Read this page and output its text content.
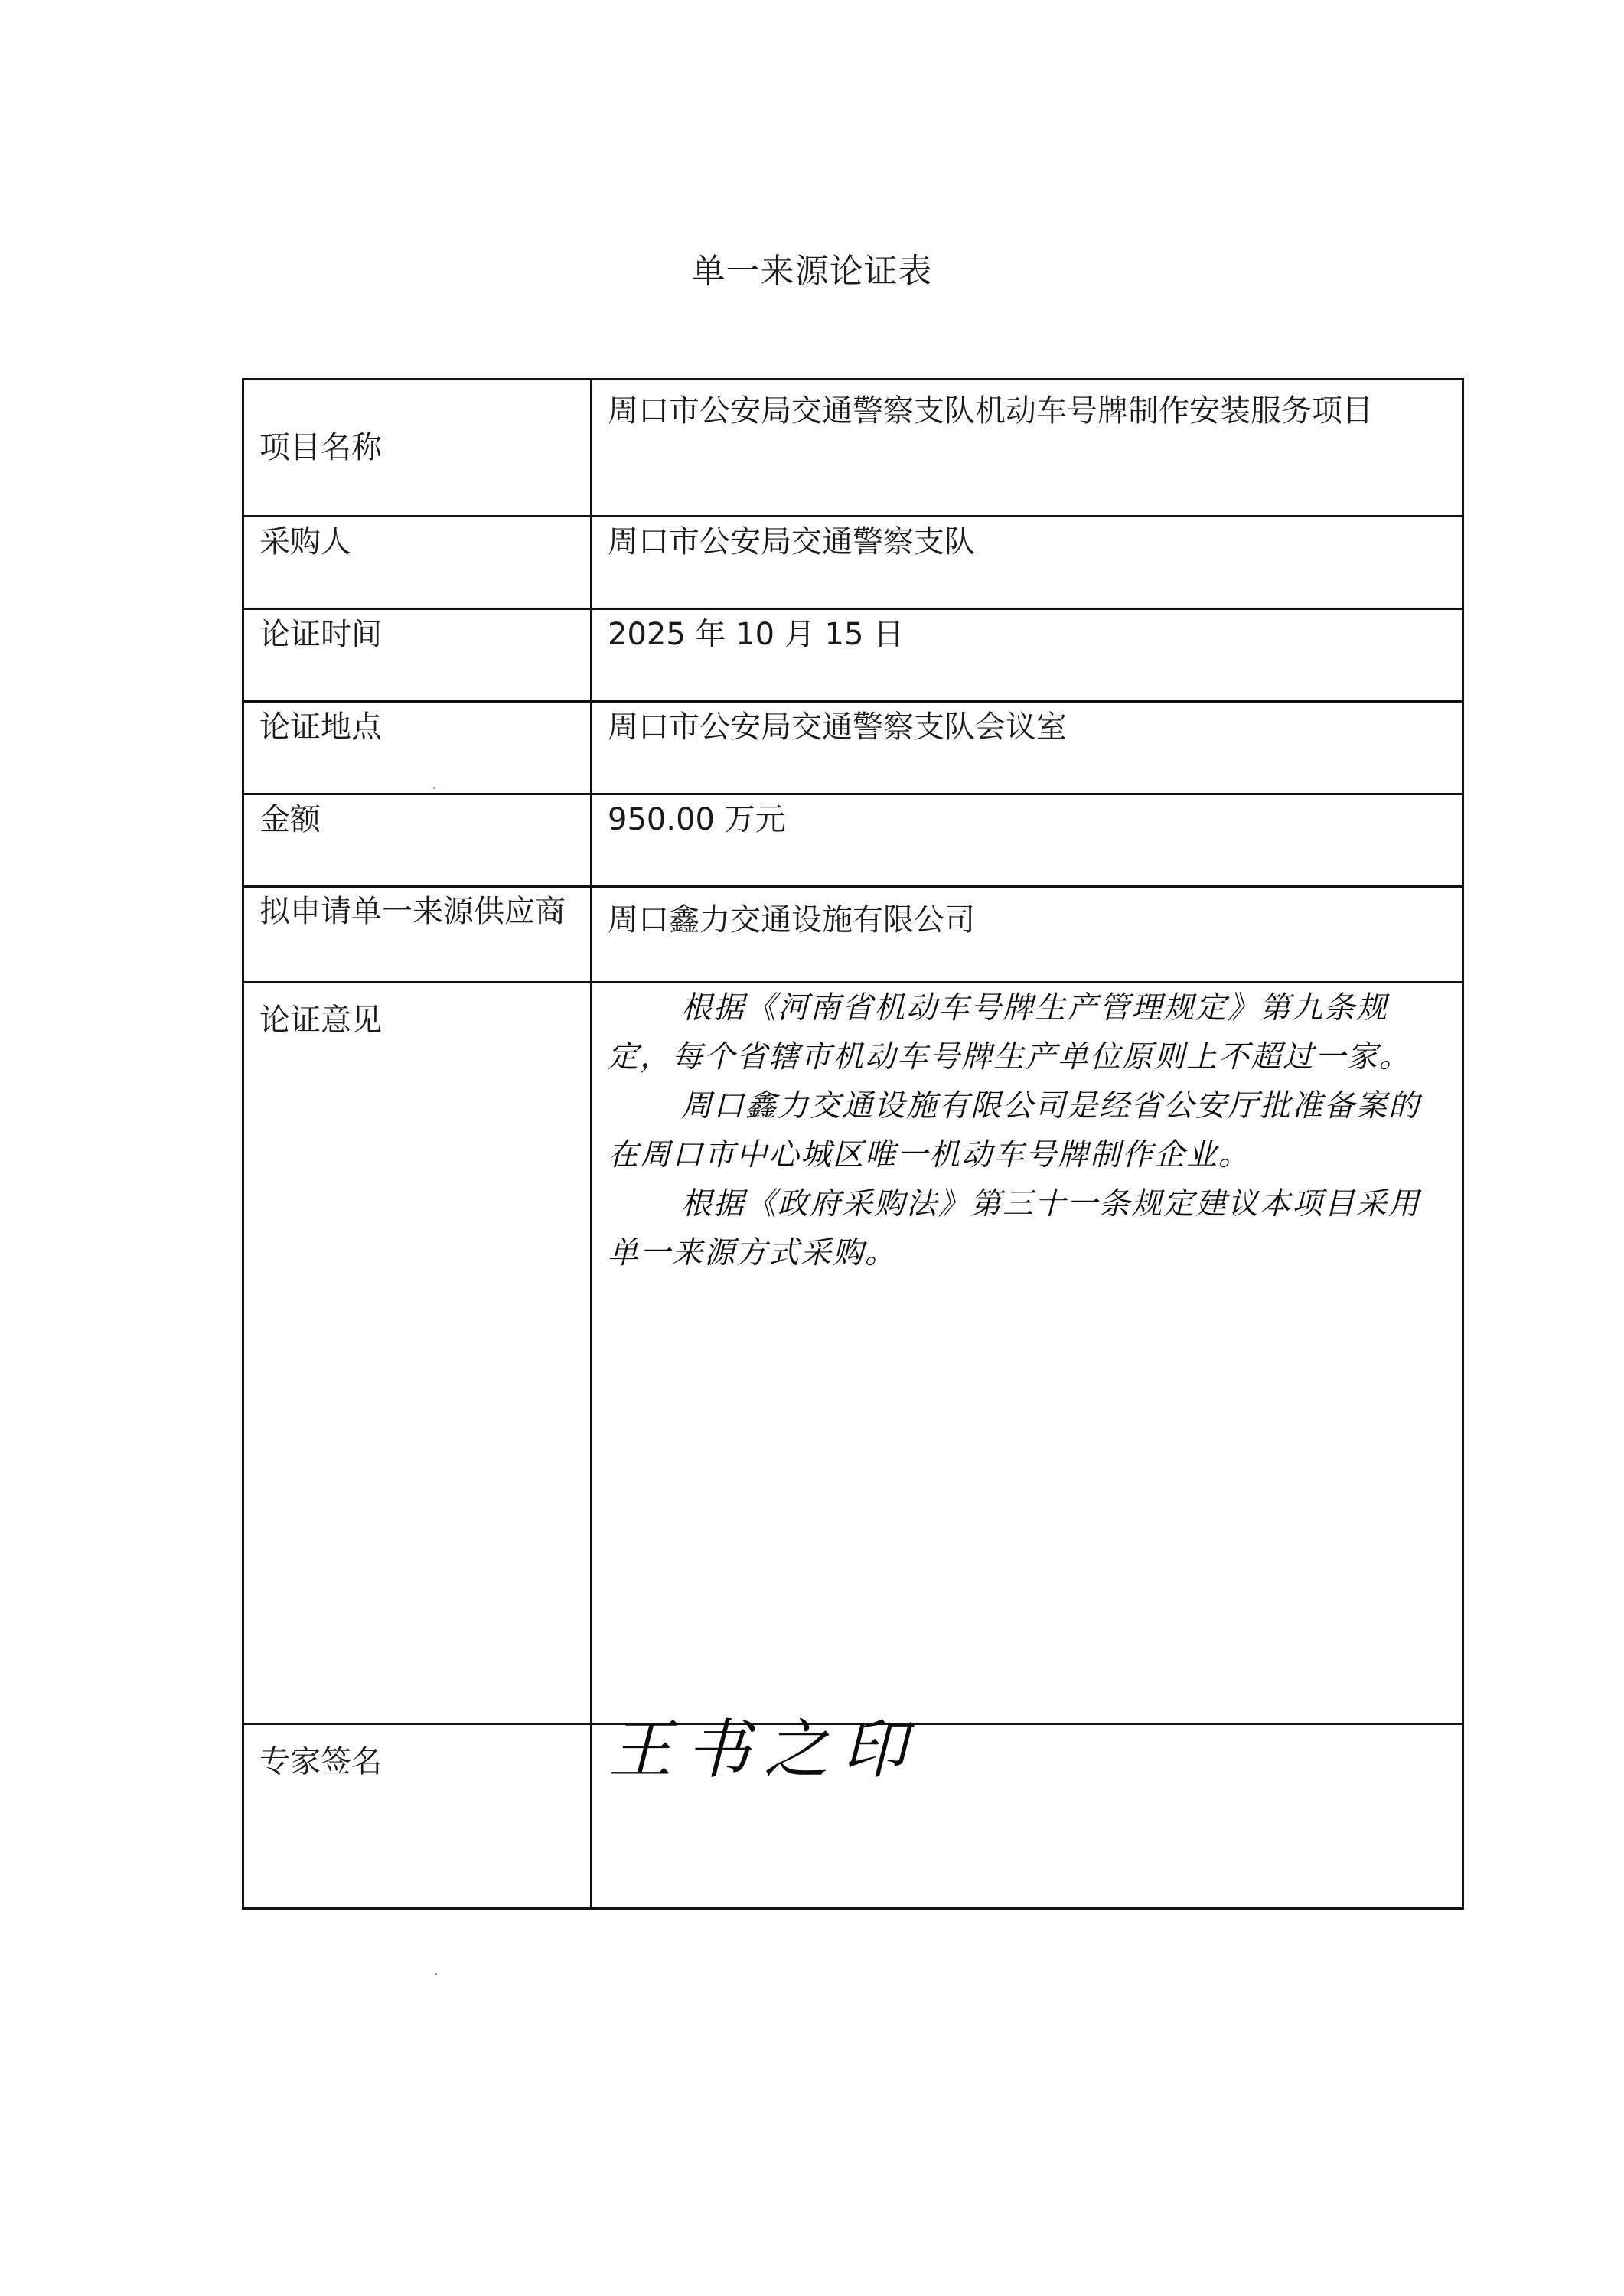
单一来源论证表
项目名称	周口市公安局交通警察支队机动车号牌制作安装服务项目
采购人	周口市公安局交通警察支队
论证时间	2025 年 10 月 15 日
论证地点	周口市公安局交通警察支队会议室
金额	950.00 万元
拟申请单一来源供应商	周口鑫力交通设施有限公司
论证意见	根据《河南省机动车号牌生产管理规定》第九条规定，每个省辖市机动车号牌生产单位原则上不超过一家。

周口鑫力交通设施有限公司是经省公安厅批准备案的在周口市中心城区唯一机动车号牌制作企业。

根据《政府采购法》第三十一条规定建议本项目采用单一来源方式采购。

专家签名	王书之印
